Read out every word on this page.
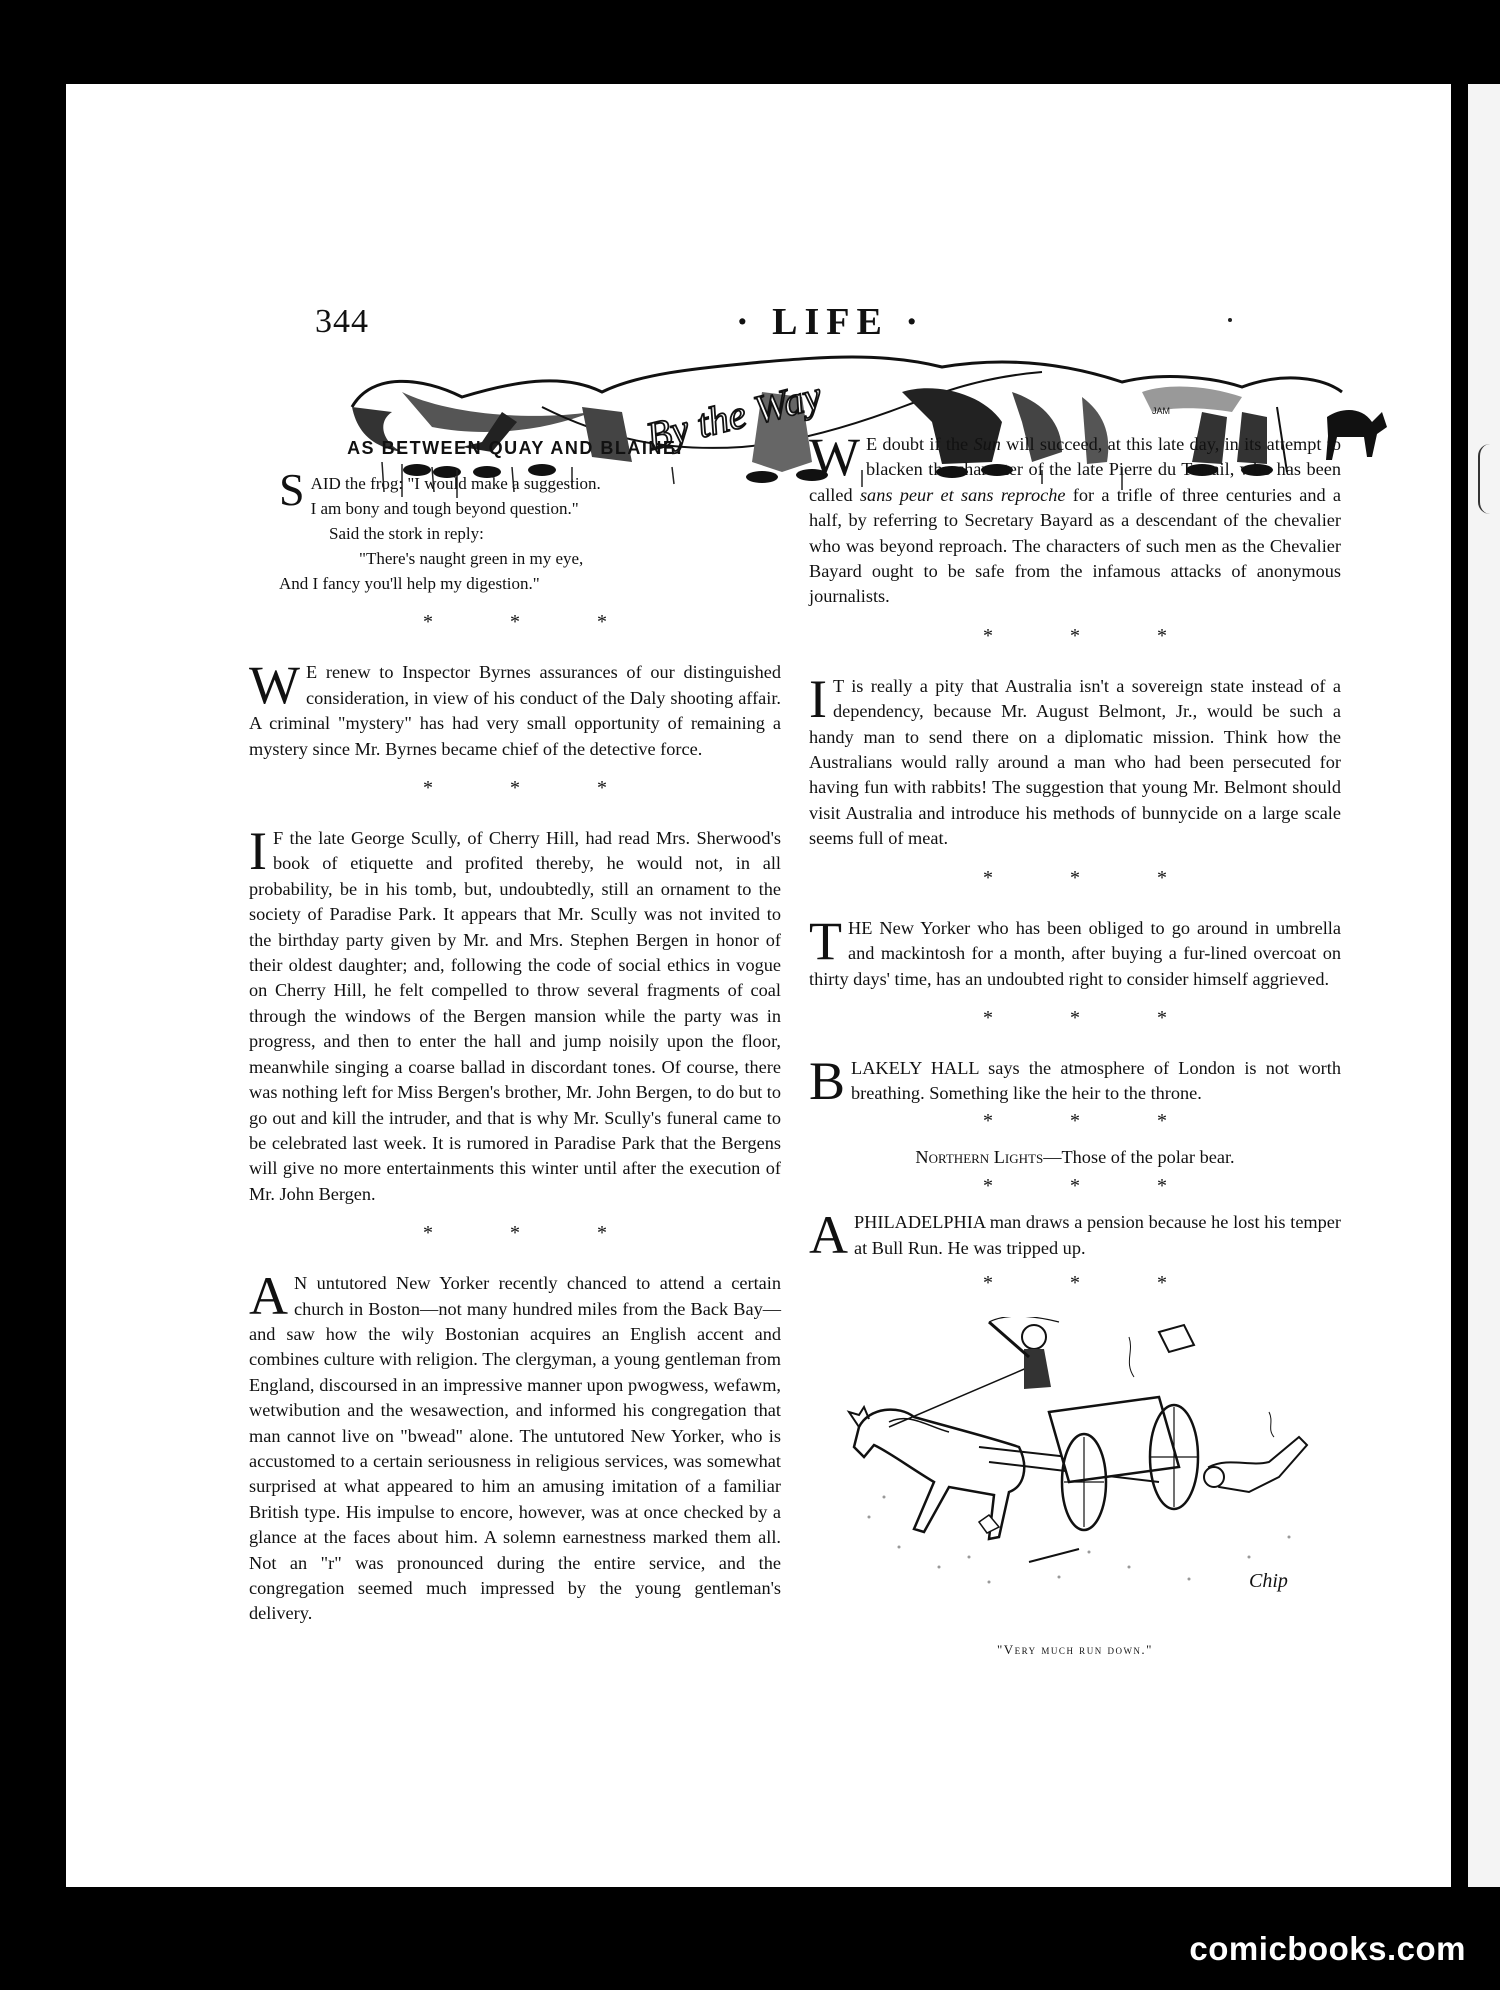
344	· LIFE ·
By the Way	JAM
AS BETWEEN QUAY AND BLAINE.
SAID the frog: "I would make a suggestion.
I am bony and tough beyond question."
Said the stork in reply:
"There's naught green in my eye,
And I fancy you'll help my digestion."
* * *

W E renew to Inspector Byrnes assurances of our distinguished consideration, in view of his conduct of the Daly shooting affair. A criminal "mystery" has had very small opportunity of remaining a mystery since Mr. Byrnes became chief of the detective force.

* * *

I F the late George Scully, of Cherry Hill, had read Mrs. Sherwood's book of etiquette and profited thereby, he would not, in all probability, be in his tomb, but, undoubtedly, still an ornament to the society of Paradise Park. It appears that Mr. Scully was not invited to the birthday party given by Mr. and Mrs. Stephen Bergen in honor of their oldest daughter; and, following the code of social ethics in vogue on Cherry Hill, he felt compelled to throw several fragments of coal through the windows of the Bergen mansion while the party was in progress, and then to enter the hall and jump noisily upon the floor, meanwhile singing a coarse ballad in discordant tones. Of course, there was nothing left for Miss Bergen's brother, Mr. John Bergen, to do but to go out and kill the intruder, and that is why Mr. Scully's funeral came to be celebrated last week. It is rumored in Paradise Park that the Bergens will give no more entertainments this winter until after the execution of Mr. John Bergen.

* * *

A N untutored New Yorker recently chanced to attend a certain church in Boston—not many hundred miles from the Back Bay—and saw how the wily Bostonian acquires an English accent and combines culture with religion. The clergyman, a young gentleman from England, discoursed in an impressive manner upon pwogwess, wefawm, wetwibution and the wesawection, and informed his congregation that man cannot live on "bwead" alone. The untutored New Yorker, who is accustomed to a certain seriousness in religious services, was somewhat surprised at what appeared to him an amusing imitation of a familiar British type. His impulse to encore, however, was at once checked by a glance at the faces about him. A solemn earnestness marked them all. Not an "r" was pronounced during the entire service, and the congregation seemed much impressed by the young gentleman's delivery.

W E doubt if the Sun will succeed, at this late day, in its attempt to blacken the character of the late Pierre du Terrail, who has been called sans peur et sans reproche for a trifle of three centuries and a half, by referring to Secretary Bayard as a descendant of the chevalier who was beyond reproach. The characters of such men as the Chevalier Bayard ought to be safe from the infamous attacks of anonymous journalists.

* * *

I T is really a pity that Australia isn't a sovereign state instead of a dependency, because Mr. August Belmont, Jr., would be such a handy man to send there on a diplomatic mission. Think how the Australians would rally around a man who had been persecuted for having fun with rabbits! The suggestion that young Mr. Belmont should visit Australia and introduce his methods of bunnycide on a large scale seems full of meat.

* * *

THE New Yorker who has been obliged to go around in umbrella and mackintosh for a month, after buying a fur-lined overcoat on thirty days' time, has an undoubted right to consider himself aggrieved.

* * *

BLAKELY HALL says the atmosphere of London is not worth breathing. Something like the heir to the throne.

* * *

Northern Lights—Those of the polar bear.

* * *

APHILADELPHIA man draws a pension because he lost his temper at Bull Run. He was tripped up.

* * *
Chip
"Very much run down."
comicbooks.com
